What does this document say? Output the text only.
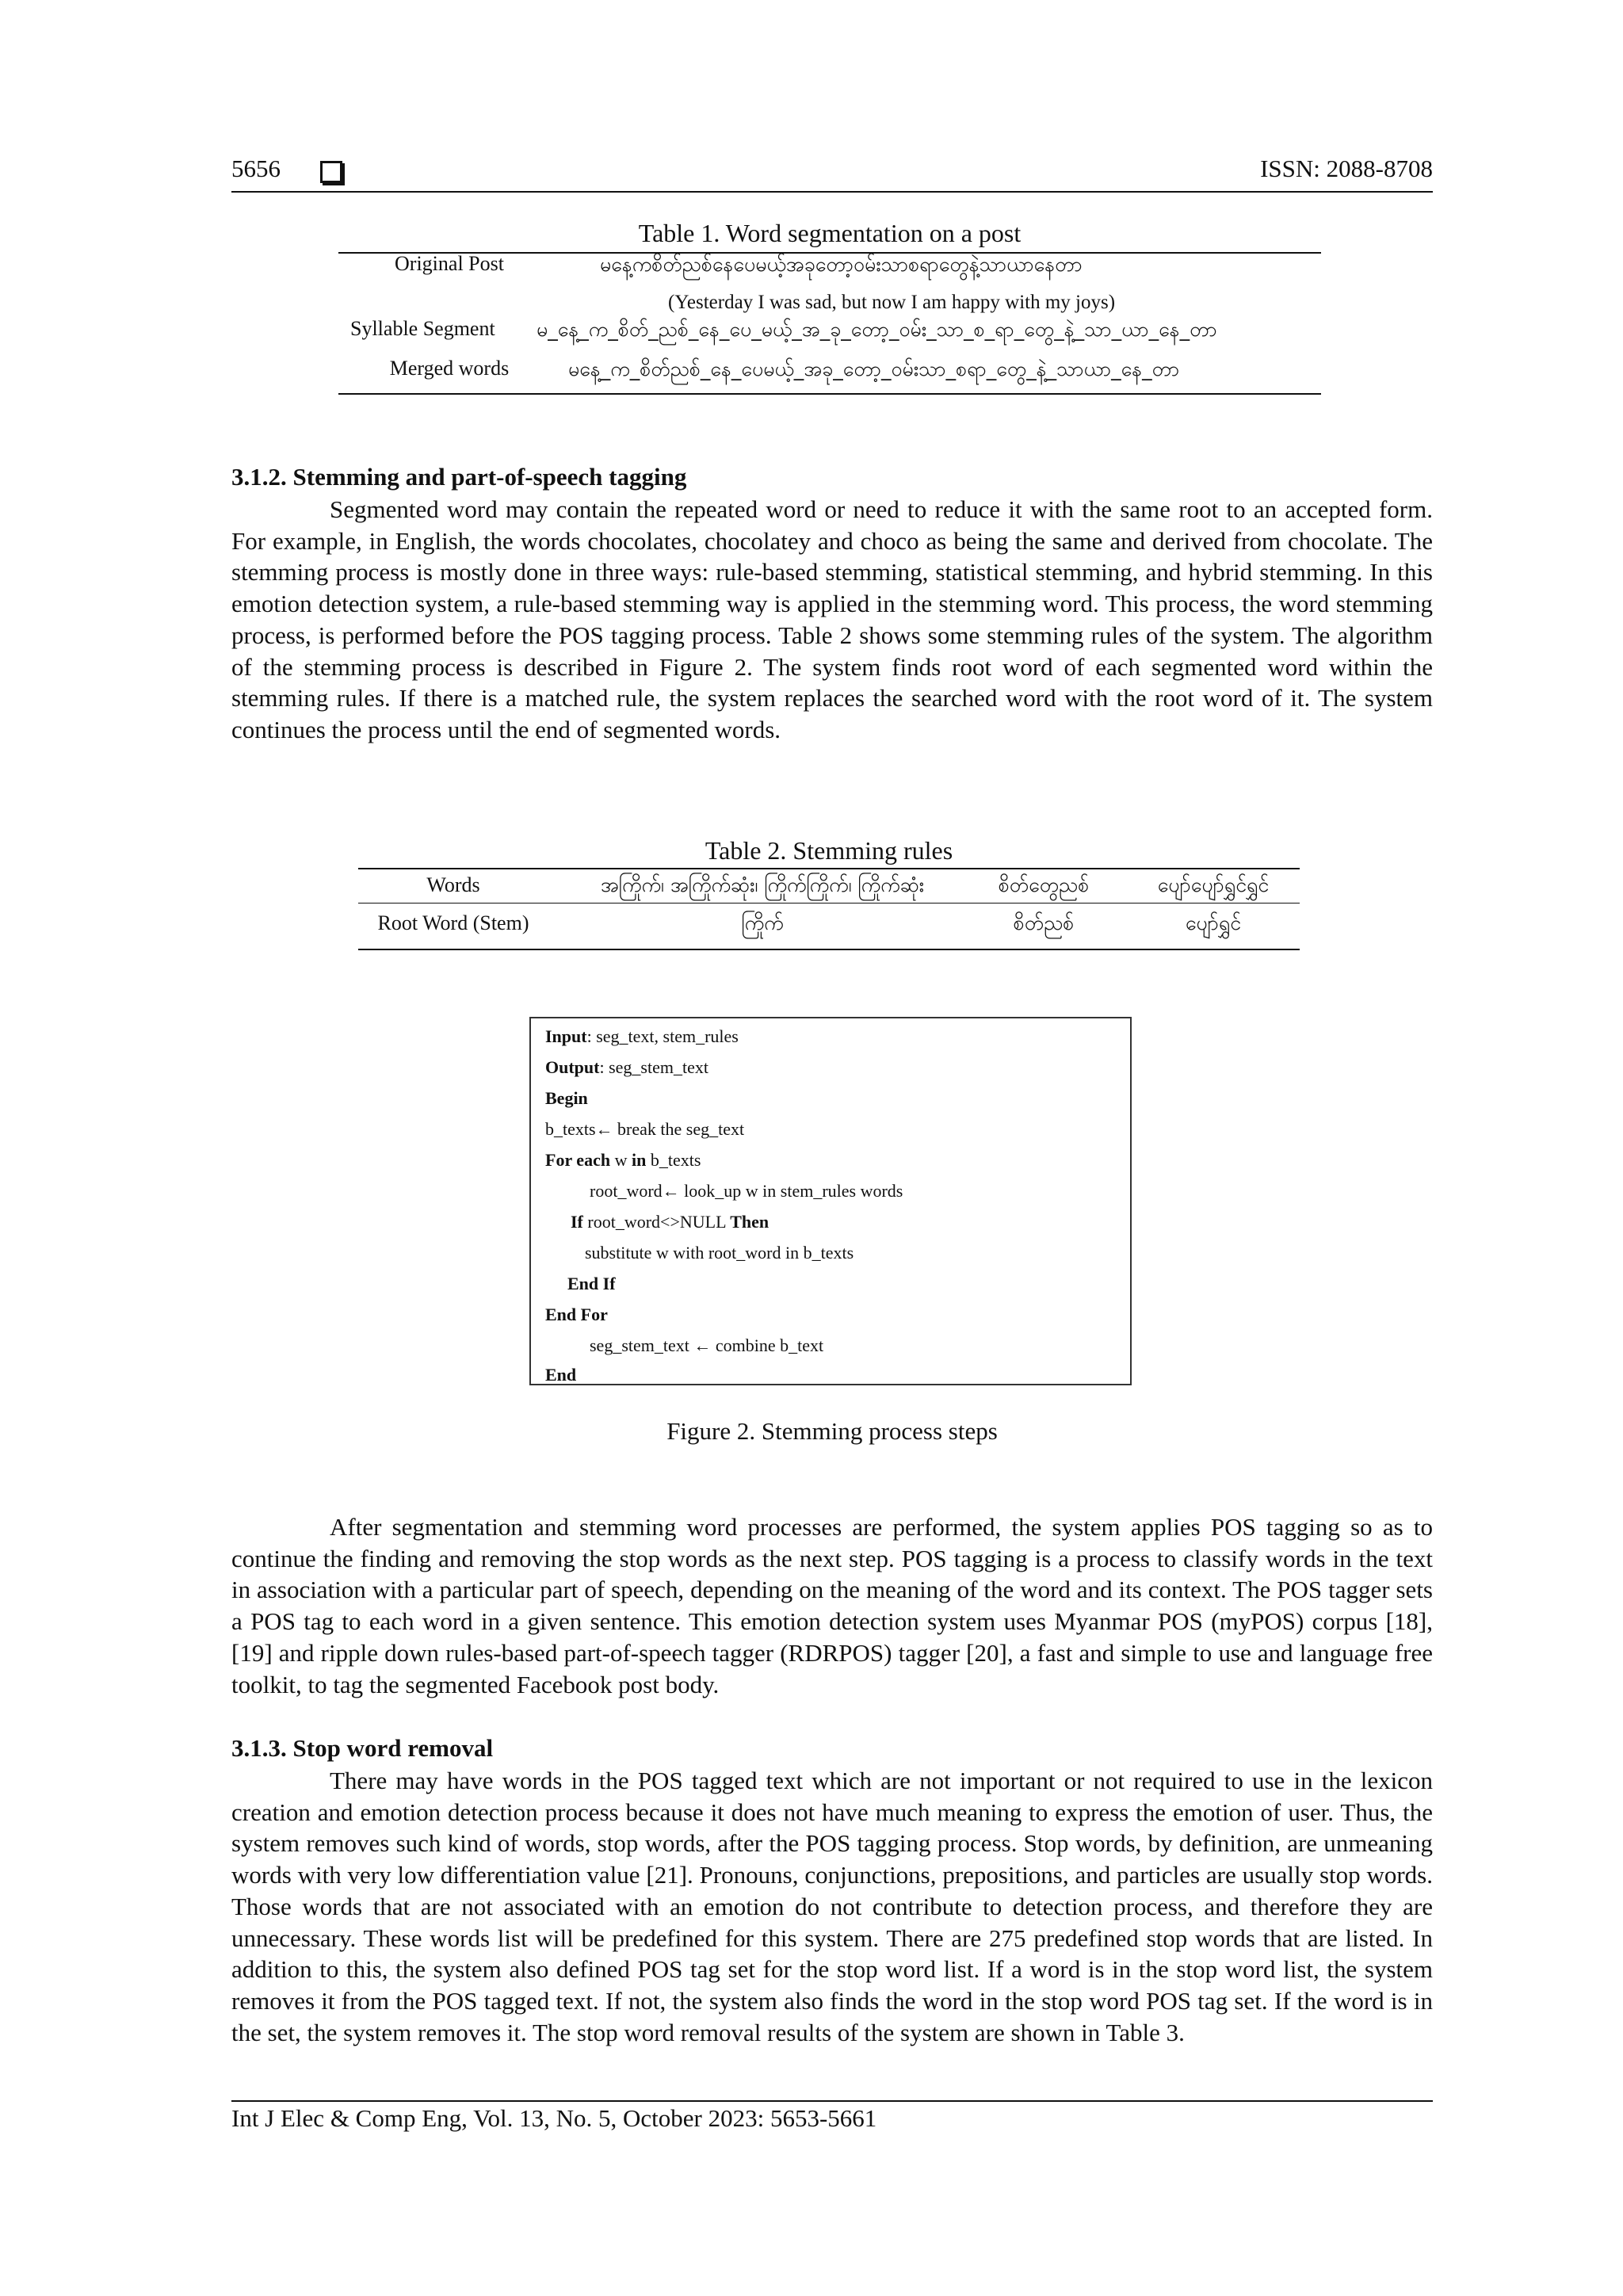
5656	ISSN: 2088-8708
Table 1. Word segmentation on a post
Original Post	မနေ့ကစိတ်ညစ်နေပေမယ့်အခုတော့ဝမ်းသာစရာတွေနဲ့သာယာနေတာ
(Yesterday I was sad, but now I am happy with my joys)
Syllable Segment မ_နေ့_က_စိတ်_ညစ်_နေ_ပေ_မယ့်_အ_ခု_တော့_ဝမ်း_သာ_စ_ရာ_တွေ_နဲ့_သာ_ယာ_နေ_တာ
Merged words	မနေ့_က_စိတ်ညစ်_နေ_ပေမယ့်_အခု_တော့_ဝမ်းသာ_စရာ_တွေ_နဲ့_သာယာ_နေ_တာ
3.1.2. Stemming and part-of-speech tagging
Segmented word may contain the repeated word or need to reduce it with the same root to an accepted form. For example, in English, the words chocolates, chocolatey and choco as being the same and derived from chocolate. The stemming process is mostly done in three ways: rule-based stemming, statistical stemming, and hybrid stemming. In this emotion detection system, a rule-based stemming way is applied in the stemming word. This process, the word stemming process, is performed before the POS tagging process. Table 2 shows some stemming rules of the system. The algorithm of the stemming process is described in Figure 2. The system finds root word of each segmented word within the stemming rules. If there is a matched rule, the system replaces the searched word with the root word of it. The system continues the process until the end of segmented words.
Table 2. Stemming rules
Words	အကြိုက်၊ အကြိုက်ဆုံး၊ ကြိုက်ကြိုက်၊ ကြိုက်ဆုံး	စိတ်တွေညစ်	ပျော်ပျော်ရွှင်ရွှင်
Root Word (Stem)	ကြိုက်	စိတ်ညစ်	ပျော်ရွှင်
Input: seg_text, stem_rules
Output: seg_stem_text
Begin
b_texts← break the seg_text
For each w in b_texts
root_word← look_up w in stem_rules words
If root_word<>NULL Then
substitute w with root_word in b_texts
End If
End For
seg_stem_text ← combine b_text
End
Figure 2. Stemming process steps
After segmentation and stemming word processes are performed, the system applies POS tagging so as to continue the finding and removing the stop words as the next step. POS tagging is a process to classify words in the text in association with a particular part of speech, depending on the meaning of the word and its context. The POS tagger sets a POS tag to each word in a given sentence. This emotion detection system uses Myanmar POS (myPOS) corpus [18], [19] and ripple down rules-based part-of-speech tagger (RDRPOS) tagger [20], a fast and simple to use and language free toolkit, to tag the segmented Facebook post body.
3.1.3. Stop word removal
There may have words in the POS tagged text which are not important or not required to use in the lexicon creation and emotion detection process because it does not have much meaning to express the emotion of user. Thus, the system removes such kind of words, stop words, after the POS tagging process. Stop words, by definition, are unmeaning words with very low differentiation value [21]. Pronouns, conjunctions, prepositions, and particles are usually stop words. Those words that are not associated with an emotion do not contribute to detection process, and therefore they are unnecessary. These words list will be predefined for this system. There are 275 predefined stop words that are listed. In addition to this, the system also defined POS tag set for the stop word list. If a word is in the stop word list, the system removes it from the POS tagged text. If not, the system also finds the word in the stop word POS tag set. If the word is in the set, the system removes it. The stop word removal results of the system are shown in Table 3.
Int J Elec & Comp Eng, Vol. 13, No. 5, October 2023: 5653-5661
